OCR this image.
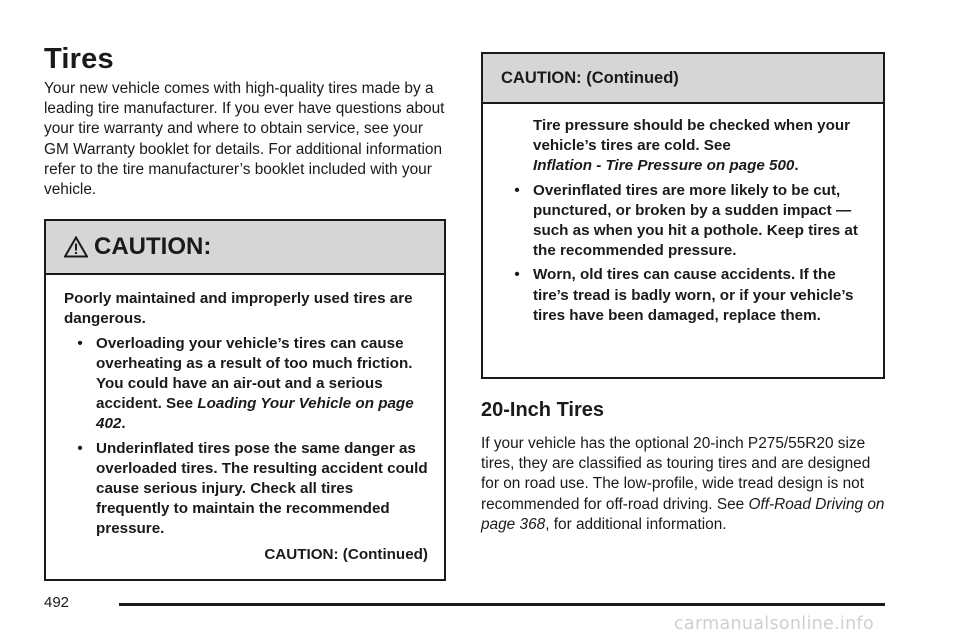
Tires

Your new vehicle comes with high-quality tires made by a leading tire manufacturer. If you ever have questions about your tire warranty and where to obtain service, see your GM Warranty booklet for details. For additional information refer to the tire manufacturer’s booklet included with your vehicle.

CAUTION:

Poorly maintained and improperly used tires are dangerous.

• Overloading your vehicle’s tires can cause overheating as a result of too much friction. You could have an air-out and a serious accident. See Loading Your Vehicle on page 402.
• Underinflated tires pose the same danger as overloaded tires. The resulting accident could cause serious injury. Check all tires frequently to maintain the recommended pressure.
CAUTION: (Continued)
CAUTION: (Continued)

Tire pressure should be checked when your vehicle’s tires are cold. See
Inflation - Tire Pressure on page 500.

• Overinflated tires are more likely to be cut, punctured, or broken by a sudden impact — such as when you hit a pothole. Keep tires at the recommended pressure.
• Worn, old tires can cause accidents. If the tire’s tread is badly worn, or if your vehicle’s tires have been damaged, replace them.
20-Inch Tires

If your vehicle has the optional 20-inch P275/55R20 size tires, they are classified as touring tires and are designed for on road use. The low-profile, wide tread design is not recommended for off-road driving. See Off-Road Driving on page 368, for additional information.

492
carmanualsonline.info
